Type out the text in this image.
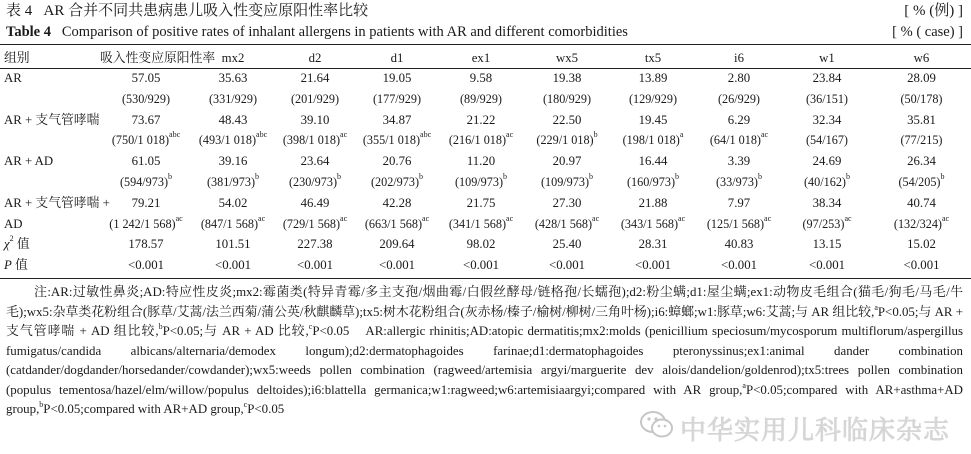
表 4 AR 合并不同共患病患儿吸入性变应原阳性率比较	[ % (例) ]
Table 4 Comparison of positive rates of inhalant allergens in patients with AR and different comorbidities	[ % ( case) ]
组别	吸入性变应原阳性率	mx2	d2	d1	ex1	wx5	tx5	i6	w1	w6
AR	57.05	35.63	21.64	19.05	9.58	19.38	13.89	2.80	23.84	28.09
	(530/929)	(331/929)	(201/929)	(177/929)	(89/929)	(180/929)	(129/929)	(26/929)	(36/151)	(50/178)
AR + 支气管哮喘	73.67	48.43	39.10	34.87	21.22	22.50	19.45	6.29	32.34	35.81
	(750/1 018)$^{abc}$	(493/1 018)$^{abc}$	(398/1 018)$^{ac}$	(355/1 018)$^{abc}$	(216/1 018)$^{ac}$	(229/1 018)$^b$	(198/1 018)$^a$	(64/1 018)$^{ac}$	(54/167)	(77/215)
AR + AD	61.05	39.16	23.64	20.76	11.20	20.97	16.44	3.39	24.69	26.34
	$(594/973)^b$	$(381/973)^b$	$(230/973)^b$	$(202/973)^b$	$(109/973)^b$	$(109/973)^b$	$(160/973)^b$	$(33/973)^b$	$(40/162)^b$	$(54/205)^b$
AR + 支气管哮喘 +	79.21	54.02	46.49	42.28	21.75	27.30	21.88	7.97	38.34	40.74
AD	(1 242/1 568)$^{ac}$	(847/1 568)$^{ac}$	(729/1 568)$^{ac}$	(663/1 568)$^{ac}$	(341/1 568)$^{ac}$	(428/1 568)$^{ac}$	(343/1 568)$^{ac}$	(125/1 568)$^{ac}$	$(97/253)^{ac}$	$(132/324)^{ac}$
$\chi^2$ 值	178.57	101.51	227.38	209.64	98.02	25.40	28.31	40.83	13.15	15.02
P 值	<0.001	<0.001	<0.001	<0.001	<0.001	<0.001	<0.001	<0.001	<0.001	<0.001

注:AR:过敏性鼻炎;AD:特应性皮炎;mx2:霉菌类(特异青霉/多主支孢/烟曲霉/白假丝酵母/链格孢/长蠕孢);d2:粉尘螨;d1:屋尘螨;ex1:动物皮毛组合(猫毛/狗毛/马毛/牛毛);wx5:杂草类花粉组合(豚草/艾蒿/法兰西菊/蒲公英/秋麒麟草);tx5:树木花粉组合(灰赤杨/榛子/榆树/柳树/三角叶杨);i6:蟑螂;w1:豚草;w6:艾蒿;与 AR 组比较,$^a$P<0.05;与 AR + 支气管哮喘 + AD 组比较,$^b$P<0.05;与 AR + AD 比较,$^c$P<0.05 AR:allergic rhinitis;AD:atopic dermatitis;mx2:molds (penicillium speciosum/mycosporum multiflorum/aspergillus fumigatus/candida albicans/alternaria/demodex longum);d2:dermatophagoides farinae;d1:dermatophagoides pteronyssinus;ex1:animal dander combination (catdander/dogdander/horsedander/cowdander);wx5:weeds pollen combination (ragweed/artemisia argyi/marguerite dev alois/dandelion/goldenrod);tx5:trees pollen combination (populus tementosa/hazel/elm/willow/populus deltoides);i6:blattella germanica;w1:ragweed;w6:artemisiaargyi;compared with AR group,$^a$P<0.05;compared with AR+asthma+AD group,$^b$P<0.05;compared with AR+AD group,$^c$P<0.05

中华实用儿科临床杂志
